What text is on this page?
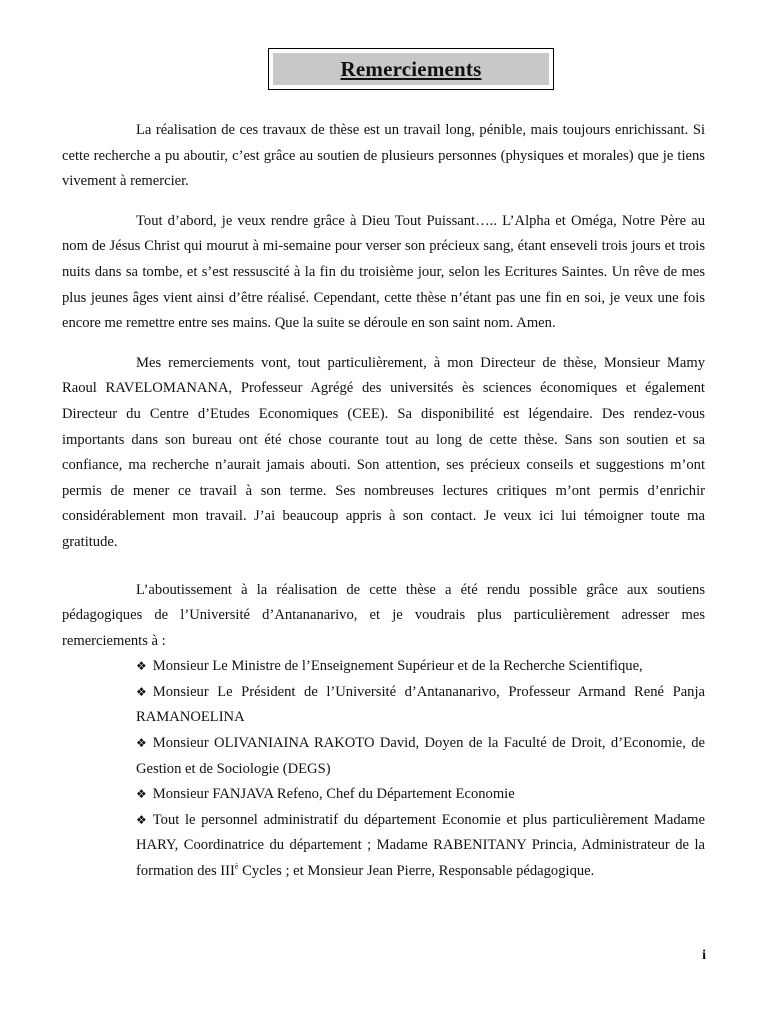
Remerciements

La réalisation de ces travaux de thèse est un travail long, pénible, mais toujours enrichissant. Si cette recherche a pu aboutir, c’est grâce au soutien de plusieurs personnes (physiques et morales) que je tiens vivement à remercier.

Tout d’abord, je veux rendre grâce à Dieu Tout Puissant….. L’Alpha et Oméga, Notre Père au nom de Jésus Christ qui mourut à mi-semaine pour verser son précieux sang, étant enseveli trois jours et trois nuits dans sa tombe, et s’est ressuscité à la fin du troisième jour, selon les Ecritures Saintes. Un rêve de mes plus jeunes âges vient ainsi d’être réalisé. Cependant, cette thèse n’étant pas une fin en soi, je veux une fois encore me remettre entre ses mains. Que la suite se déroule en son saint nom. Amen.

Mes remerciements vont, tout particulièrement, à mon Directeur de thèse, Monsieur Mamy Raoul RAVELOMANANA, Professeur Agrégé des universités ès sciences économiques et également Directeur du Centre d’Etudes Economiques (CEE). Sa disponibilité est légendaire. Des rendez-vous importants dans son bureau ont été chose courante tout au long de cette thèse. Sans son soutien et sa confiance, ma recherche n’aurait jamais abouti. Son attention, ses précieux conseils et suggestions m’ont permis de mener ce travail à son terme. Ses nombreuses lectures critiques m’ont permis d’enrichir considérablement mon travail. J’ai beaucoup appris à son contact. Je veux ici lui témoigner toute ma gratitude.

L’aboutissement à la réalisation de cette thèse a été rendu possible grâce aux soutiens pédagogiques de l’Université d’Antananarivo, et je voudrais plus particulièrement adresser mes remerciements à :

❖ Monsieur Le Ministre de l’Enseignement Supérieur et de la Recherche Scientifique,
❖ Monsieur Le Président de l’Université d’Antananarivo, Professeur Armand René Panja RAMANOELINA
❖ Monsieur OLIVANIAINA RAKOTO David, Doyen de la Faculté de Droit, d’Economie, de Gestion et de Sociologie (DEGS)
❖ Monsieur FANJAVA Refeno, Chef du Département Economie
❖ Tout le personnel administratif du département Economie et plus particulièrement Madame HARY, Coordinatrice du département ; Madame RABENITANY Princia, Administrateur de la formation des $III^è$ Cycles ; et Monsieur Jean Pierre, Responsable pédagogique.
i
